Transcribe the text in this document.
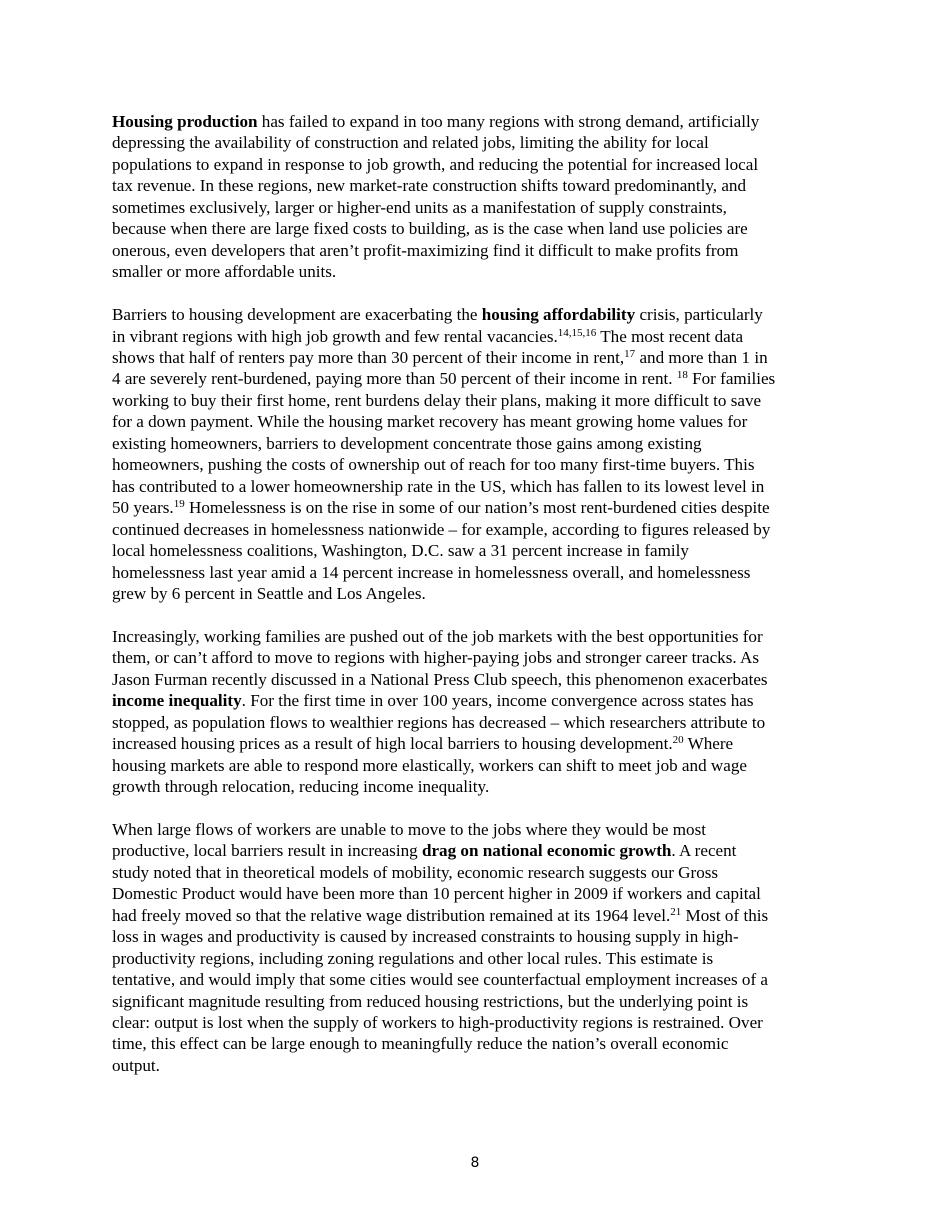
Housing production has failed to expand in too many regions with strong demand, artificially
depressing the availability of construction and related jobs, limiting the ability for local
populations to expand in response to job growth, and reducing the potential for increased local
tax revenue. In these regions, new market-rate construction shifts toward predominantly, and
sometimes exclusively, larger or higher-end units as a manifestation of supply constraints,
because when there are large fixed costs to building, as is the case when land use policies are
onerous, even developers that aren’t profit-maximizing find it difficult to make profits from
smaller or more affordable units.

Barriers to housing development are exacerbating the housing affordability crisis, particularly
in vibrant regions with high job growth and few rental vacancies.$^{14,15,16}$ The most recent data
shows that half of renters pay more than 30 percent of their income in rent,$^{17}$ and more than 1 in
4 are severely rent-burdened, paying more than 50 percent of their income in rent. $^{18}$ For families
working to buy their first home, rent burdens delay their plans, making it more difficult to save
for a down payment. While the housing market recovery has meant growing home values for
existing homeowners, barriers to development concentrate those gains among existing
homeowners, pushing the costs of ownership out of reach for too many first-time buyers. This
has contributed to a lower homeownership rate in the US, which has fallen to its lowest level in
50 years.$^{19}$ Homelessness is on the rise in some of our nation’s most rent-burdened cities despite
continued decreases in homelessness nationwide – for example, according to figures released by
local homelessness coalitions, Washington, D.C. saw a 31 percent increase in family
homelessness last year amid a 14 percent increase in homelessness overall, and homelessness
grew by 6 percent in Seattle and Los Angeles.

Increasingly, working families are pushed out of the job markets with the best opportunities for
them, or can’t afford to move to regions with higher-paying jobs and stronger career tracks. As
Jason Furman recently discussed in a National Press Club speech, this phenomenon exacerbates
income inequality. For the first time in over 100 years, income convergence across states has
stopped, as population flows to wealthier regions has decreased – which researchers attribute to
increased housing prices as a result of high local barriers to housing development.$^{20}$ Where
housing markets are able to respond more elastically, workers can shift to meet job and wage
growth through relocation, reducing income inequality.

When large flows of workers are unable to move to the jobs where they would be most
productive, local barriers result in increasing drag on national economic growth. A recent
study noted that in theoretical models of mobility, economic research suggests our Gross
Domestic Product would have been more than 10 percent higher in 2009 if workers and capital
had freely moved so that the relative wage distribution remained at its 1964 level.$^{21}$ Most of this
loss in wages and productivity is caused by increased constraints to housing supply in high-
productivity regions, including zoning regulations and other local rules. This estimate is
tentative, and would imply that some cities would see counterfactual employment increases of a
significant magnitude resulting from reduced housing restrictions, but the underlying point is
clear: output is lost when the supply of workers to high-productivity regions is restrained. Over
time, this effect can be large enough to meaningfully reduce the nation’s overall economic
output.

8
